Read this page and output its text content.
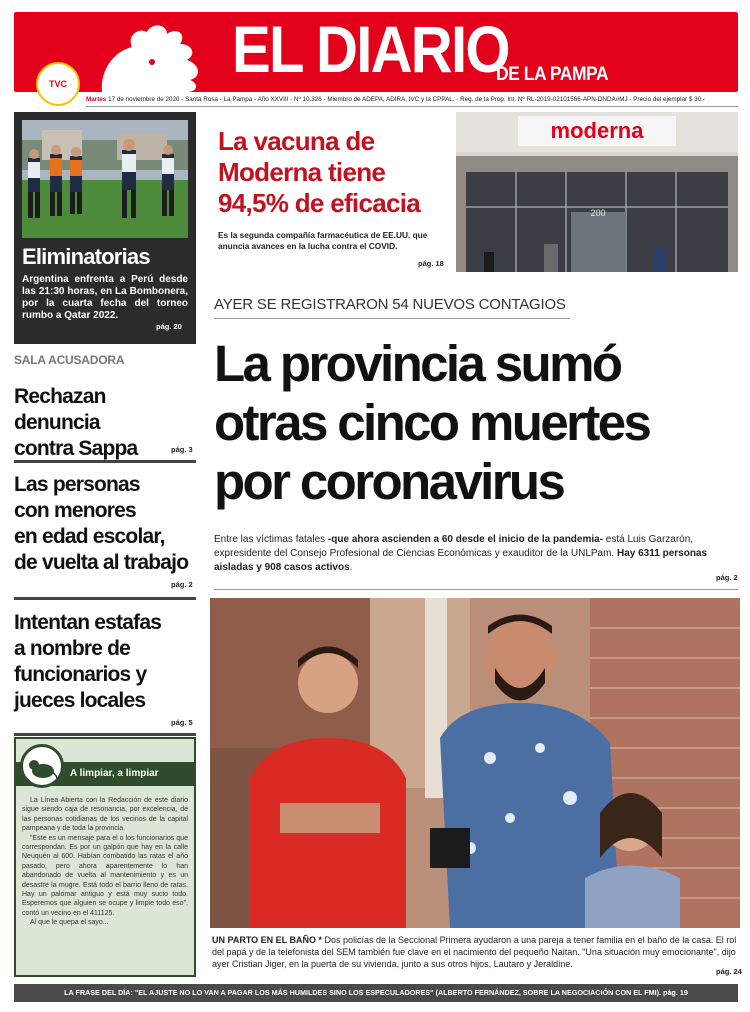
TVC	EL DIARIO
DE LA PAMPA
Martes 17 de noviembre de 2020 - Santa Rosa - La Pampa - Año XXVIII - Nº 10.326 - Miembro de ADEPA, ADIRA, IVC y la CPPAL. - Reg. de la Prop. Int. Nº RL-2019-02101566-APN-DNDA#MJ - Precio del ejemplar $ 30.-
Eliminatorias
Argentina enfrenta a Perú desde las 21:30 horas, en La Bombonera, por la cuarta fecha del torneo rumbo a Qatar 2022.
pág. 20
SALA ACUSADORA
Rechazan denuncia
contra Sappa	pág. 3
Las personas
con menores
en edad escolar,
de vuelta al trabajo
pág. 2
Intentan estafas
a nombre de
funcionarios y
jueces locales
pág. 5
A limpiar, a limpiar

La Línea Abierta con la Redacción de este diario sigue siendo caja de resonancia, por excelencia, de las personas cotidianas de los vecinos de la capital pampeana y de toda la provincia.

"Este es un mensaje para el o los funcionarios que correspondan. Es por un galpón que hay en la calle Neuquén al 600. Habían combatido las ratas el año pasado, pero ahora aparentemente lo han abandonado de vuelta al mantenimiento y es un desastre la mugre. Está todo el barrio lleno de ratas. Hay un palomar antiguo y está muy sucio todo. Esperemos que alguien se ocupe y limpie todo eso", contó un vecino en el 411125.

Al que le quepa el sayo...

La vacuna de
Moderna tiene
94,5% de eficacia
Es la segunda compañía farmacéutica de EE.UU. que anuncia avances en la lucha contra el COVID.
pág. 18
moderna
200
AYER SE REGISTRARON 54 NUEVOS CONTAGIOS
La provincia sumó
otras cinco muertes
por coronavirus
Entre las víctimas fatales -que ahora ascienden a 60 desde el inicio de la pandemia- está Luis Garzarón, expresidente del Consejo Profesional de Ciencias Económicas y exauditor de la UNLPam. Hay 6311 personas aisladas y 908 casos activos.
pág. 2
UN PARTO EN EL BAÑO * Dos policías de la Seccional Primera ayudaron a una pareja a tener familia en el baño de la casa. El rol del papá y de la telefonista del SEM también fue clave en el nacimiento del pequeño Naitan. "Una situación muy emocionante", dijo ayer Cristian Jiger, en la puerta de su vivienda, junto a sus otros hijos, Lautaro y Jeraldine.
pág. 24
LA FRASE DEL DÍA: "EL AJUSTE NO LO VAN A PAGAR LOS MÁS HUMILDES SINO LOS ESPECULADORES" (ALBERTO FERNÁNDEZ, SOBRE LA NEGOCIACIÓN CON EL FMI). pág. 19
